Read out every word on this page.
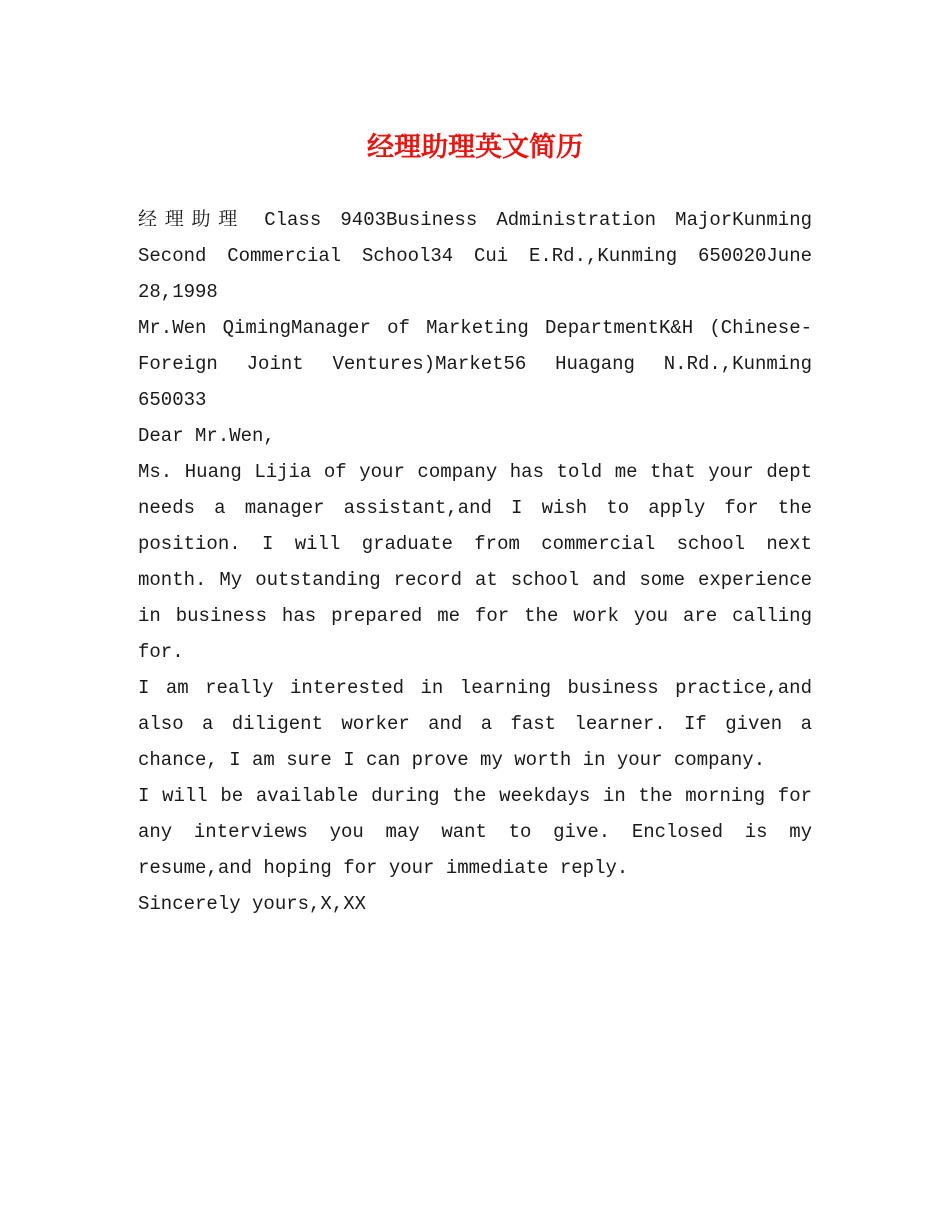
经理助理英文简历

经理助理 Class 9403Business Administration MajorKunming Second Commercial School34 Cui E.Rd.,Kunming 650020June 28,1998

Mr.Wen QimingManager of Marketing DepartmentK&H (Chinese-Foreign Joint Ventures)Market56 Huagang N.Rd.,Kunming 650033

Dear Mr.Wen,

Ms. Huang Lijia of your company has told me that your dept needs a manager assistant,and I wish to apply for the position. I will graduate from commercial school next month. My outstanding record at school and some experience in business has prepared me for the work you are calling for.

I am really interested in learning business practice,and also a diligent worker and a fast learner. If given a chance, I am sure I can prove my worth in your company.

I will be available during the weekdays in the morning for any interviews you may want to give. Enclosed is my resume,and hoping for your immediate reply.

Sincerely yours,X,XX
